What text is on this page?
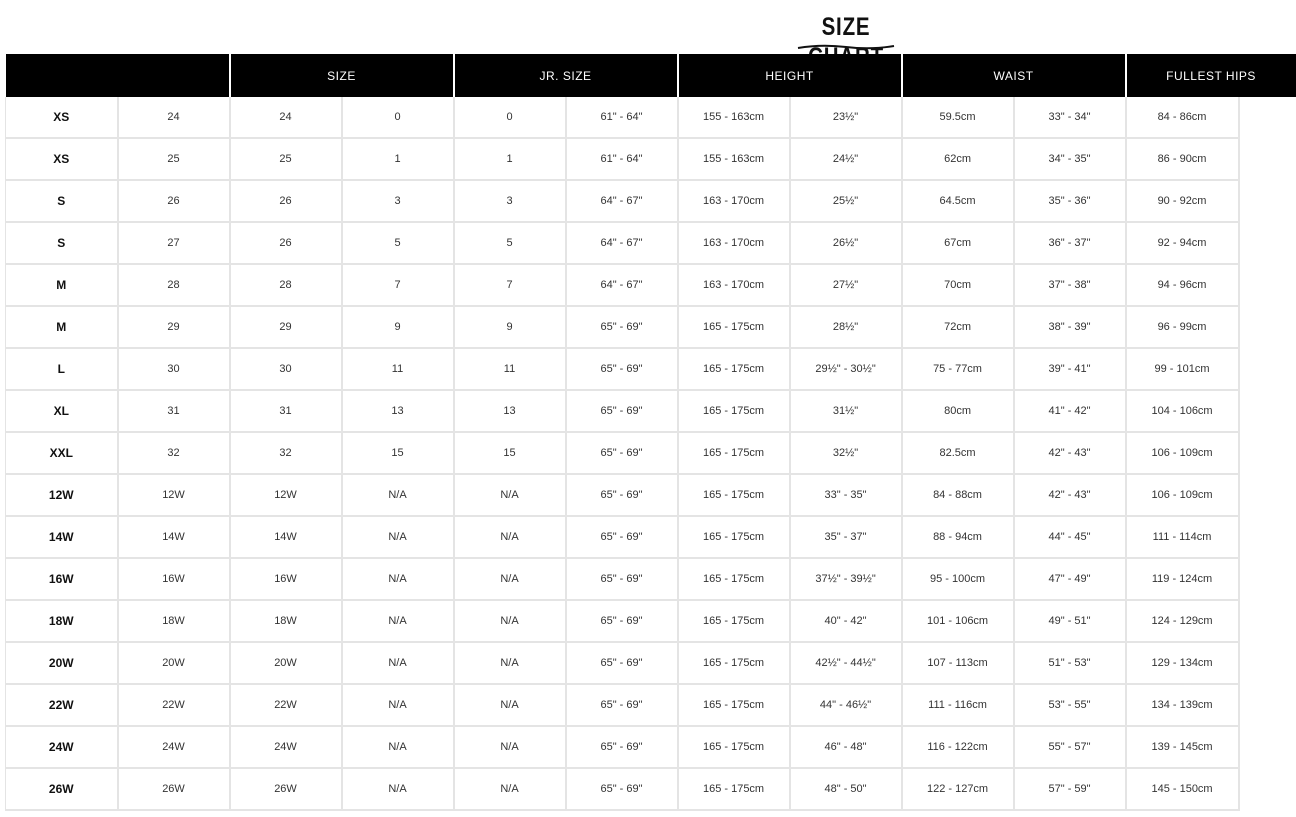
SIZE
		SIZE		JR. SIZE		HEIGHT		WAIST		FULLEST HIPS
XS	24	24	0	0	61" - 64"	155 - 163cm	23½"	59.5cm	33" - 34"	84 - 86cm
XS	25	25	1	1	61" - 64"	155 - 163cm	24½"	62cm	34" - 35"	86 - 90cm
S	26	26	3	3	64" - 67"	163 - 170cm	25½"	64.5cm	35" - 36"	90 - 92cm
S	27	26	5	5	64" - 67"	163 - 170cm	26½"	67cm	36" - 37"	92 - 94cm
M	28	28	7	7	64" - 67"	163 - 170cm	27½"	70cm	37" - 38"	94 - 96cm
M	29	29	9	9	65" - 69"	165 - 175cm	28½"	72cm	38" - 39"	96 - 99cm
L	30	30	11	11	65" - 69"	165 - 175cm	29½" - 30½"	75 - 77cm	39" - 41"	99 - 101cm
XL	31	31	13	13	65" - 69"	165 - 175cm	31½"	80cm	41" - 42"	104 - 106cm
XXL	32	32	15	15	65" - 69"	165 - 175cm	32½"	82.5cm	42" - 43"	106 - 109cm
12W	12W	12W	N/A	N/A	65" - 69"	165 - 175cm	33" - 35"	84 - 88cm	42" - 43"	106 - 109cm
14W	14W	14W	N/A	N/A	65" - 69"	165 - 175cm	35" - 37"	88 - 94cm	44" - 45"	111 - 114cm
16W	16W	16W	N/A	N/A	65" - 69"	165 - 175cm	37½" - 39½"	95 - 100cm	47" - 49"	119 - 124cm
18W	18W	18W	N/A	N/A	65" - 69"	165 - 175cm	40" - 42"	101 - 106cm	49" - 51"	124 - 129cm
20W	20W	20W	N/A	N/A	65" - 69"	165 - 175cm	42½" - 44½"	107 - 113cm	51" - 53"	129 - 134cm
22W	22W	22W	N/A	N/A	65" - 69"	165 - 175cm	44" - 46½"	111 - 116cm	53" - 55"	134 - 139cm
24W	24W	24W	N/A	N/A	65" - 69"	165 - 175cm	46" - 48"	116 - 122cm	55" - 57"	139 - 145cm
26W	26W	26W	N/A	N/A	65" - 69"	165 - 175cm	48" - 50"	122 - 127cm	57" - 59"	145 - 150cm
